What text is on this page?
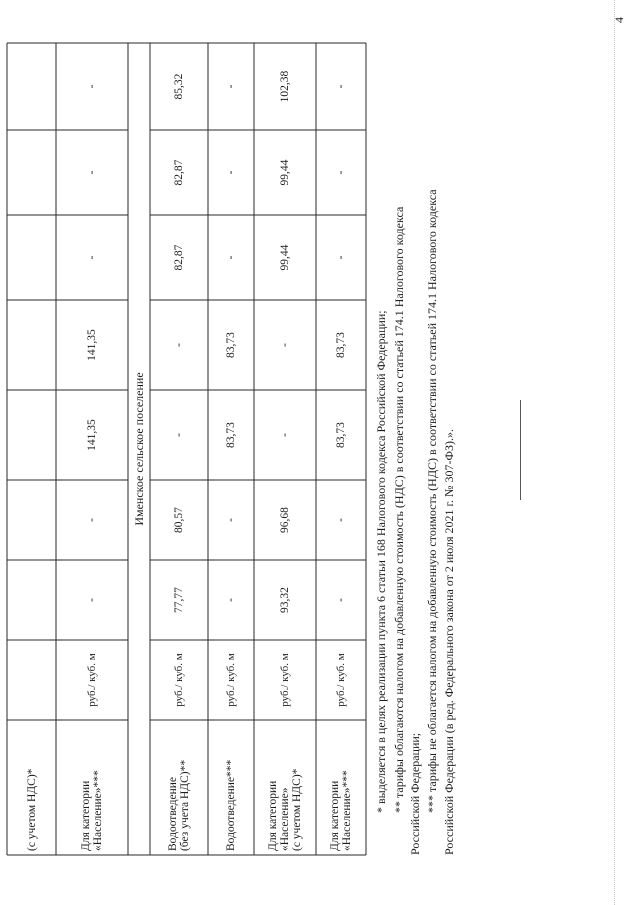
4
(с учетом НДС)*	Для категории
«Население»***
руб./ куб. м
-
-
141,35
141,35
-
-
-
Именское сельское поселение
Водоотведение
(без учета НДС)**
руб./ куб. м
77,77
80,57
-
-
82,87
82,87
85,32
Водоотведение***
руб./ куб. м
-
-
83,73
83,73
-
-
-
Для категории
«Население»
(с учетом НДС)*
руб./ куб. м
93,32
96,68
-
-
99,44
99,44
102,38
Для категории
«Население»***
руб./ куб. м
-
-
83,73
83,73
-
-
-
* выделяется в целях реализации пункта 6 статьи 168 Налогового кодекса Российской Федерации; ** тарифы облагаются налогом на добавленную стоимость (НДС) в соответствии со статьей 174.1 Налогового кодекса Российской Федерации; *** тарифы не облагается налогом на добавленную стоимость (НДС) в соответствии со статьей 174.1 Налогового кодекса Российской Федерации (в ред. Федерального закона от 2 июля 2021 г. № 307-ФЗ).».
